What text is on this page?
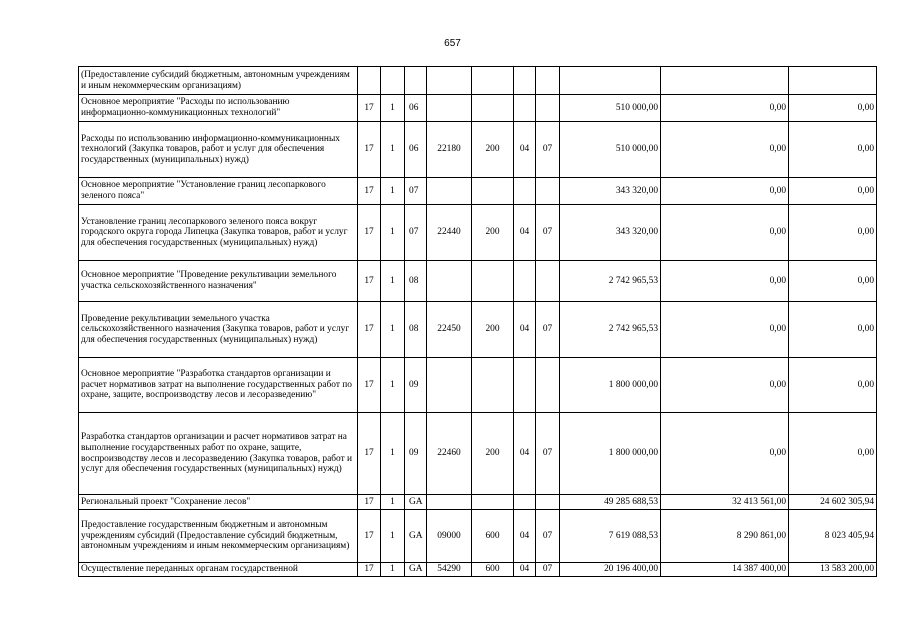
657
(Предоставление субсидий бюджетным, автономным учреждениям и иным некоммерческим организациям)										
Основное мероприятие "Расходы по использованию информационно-коммуникационных технологий"	17	1	06					510 000,00	0,00	0,00
Расходы по использованию информационно-коммуникационных технологий (Закупка товаров, работ и услуг для обеспечения государственных (муниципальных) нужд)	17	1	06	22180	200	04	07	510 000,00	0,00	0,00
Основное мероприятие "Установление границ лесопаркового зеленого пояса"	17	1	07					343 320,00	0,00	0,00
Установление границ лесопаркового зеленого пояса вокруг городского округа города Липецка (Закупка товаров, работ и услуг для обеспечения государственных (муниципальных) нужд)	17	1	07	22440	200	04	07	343 320,00	0,00	0,00
Основное мероприятие "Проведение рекультивации земельного участка сельскохозяйственного назначения"	17	1	08					2 742 965,53	0,00	0,00
Проведение рекультивации земельного участка сельскохозяйственного назначения (Закупка товаров, работ и услуг для обеспечения государственных (муниципальных) нужд)	17	1	08	22450	200	04	07	2 742 965,53	0,00	0,00
Основное мероприятие "Разработка стандартов организации и расчет нормативов затрат на выполнение государственных работ по охране, защите, воспроизводству лесов и лесоразведению"	17	1	09					1 800 000,00	0,00	0,00
Разработка стандартов организации и расчет нормативов затрат на выполнение государственных работ по охране, защите, воспроизводству лесов и лесоразведению (Закупка товаров, работ и услуг для обеспечения государственных (муниципальных) нужд)	17	1	09	22460	200	04	07	1 800 000,00	0,00	0,00
Региональный проект "Сохранение лесов"	17	1	GA					49 285 688,53	32 413 561,00	24 602 305,94
Предоставление государственным бюджетным и автономным учреждениям субсидий (Предоставление субсидий бюджетным, автономным учреждениям и иным некоммерческим организациям)	17	1	GA	09000	600	04	07	7 619 088,53	8 290 861,00	8 023 405,94
Осуществление переданных органам государственной	17	1	GA	54290	600	04	07	20 196 400,00	14 387 400,00	13 583 200,00
